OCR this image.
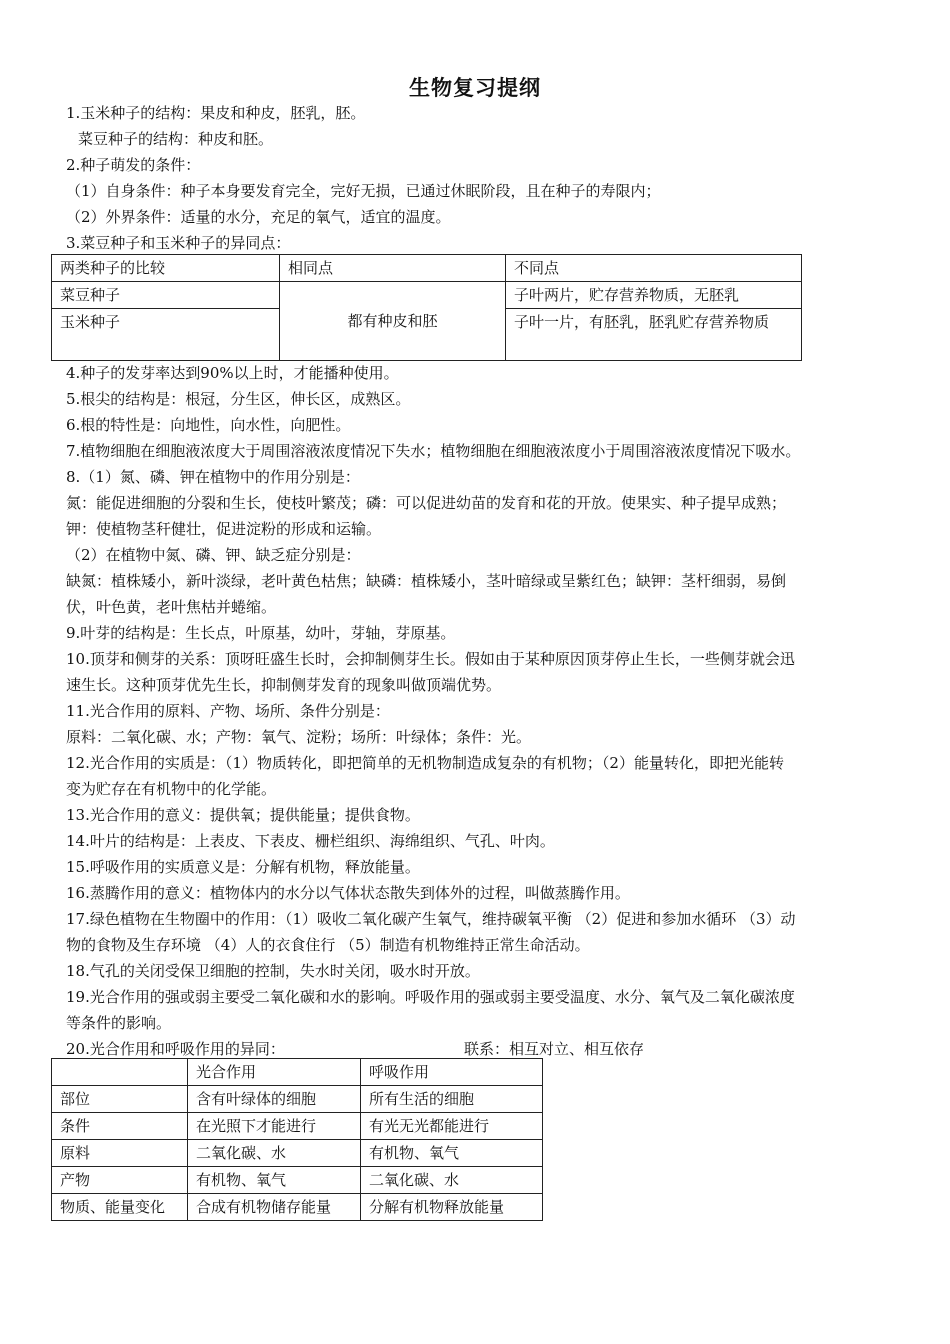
生物复习提纲
1.玉米种子的结构：果皮和种皮，胚乳，胚。
菜豆种子的结构：种皮和胚。
2.种子萌发的条件：
（1）自身条件：种子本身要发育完全，完好无损，已通过休眠阶段，且在种子的寿限内；
（2）外界条件：适量的水分，充足的氧气，适宜的温度。
3.菜豆种子和玉米种子的异同点：
两类种子的比较	相同点	不同点
菜豆种子	都有种皮和胚	子叶两片，贮存营养物质，无胚乳
玉米种子		子叶一片，有胚乳，胚乳贮存营养物质
4.种子的发芽率达到90%以上时，才能播种使用。
5.根尖的结构是：根冠，分生区，伸长区，成熟区。
6.根的特性是：向地性，向水性，向肥性。
7.植物细胞在细胞液浓度大于周围溶液浓度情况下失水；植物细胞在细胞液浓度小于周围溶液浓度情况下吸水。
8.（1）氮、磷、钾在植物中的作用分别是：
氮：能促进细胞的分裂和生长，使枝叶繁茂；磷：可以促进幼苗的发育和花的开放。使果实、种子提早成熟；
钾：使植物茎秆健壮，促进淀粉的形成和运输。
（2）在植物中氮、磷、钾、缺乏症分别是：
缺氮：植株矮小，新叶淡绿，老叶黄色枯焦；缺磷：植株矮小，茎叶暗绿或呈紫红色；缺钾：茎杆细弱，易倒
伏，叶色黄，老叶焦枯并蜷缩。
9.叶芽的结构是：生长点，叶原基，幼叶，芽轴，芽原基。
10.顶芽和侧芽的关系：顶呀旺盛生长时，会抑制侧芽生长。假如由于某种原因顶芽停止生长，一些侧芽就会迅
速生长。这种顶芽优先生长，抑制侧芽发育的现象叫做顶端优势。
11.光合作用的原料、产物、场所、条件分别是：
原料：二氧化碳、水；产物：氧气、淀粉；场所：叶绿体；条件：光。
12.光合作用的实质是：（1）物质转化，即把简单的无机物制造成复杂的有机物；（2）能量转化，即把光能转
变为贮存在有机物中的化学能。
13.光合作用的意义：提供氧；提供能量；提供食物。
14.叶片的结构是：上表皮、下表皮、栅栏组织、海绵组织、气孔、叶肉。
15.呼吸作用的实质意义是：分解有机物，释放能量。
16.蒸腾作用的意义：植物体内的水分以气体状态散失到体外的过程，叫做蒸腾作用。
17.绿色植物在生物圈中的作用：（1）吸收二氧化碳产生氧气，维持碳氧平衡 （2）促进和参加水循环 （3）动
物的食物及生存环境 （4）人的衣食住行 （5）制造有机物维持正常生命活动。
18.气孔的关闭受保卫细胞的控制，失水时关闭，吸水时开放。
19.光合作用的强或弱主要受二氧化碳和水的影响。呼吸作用的强或弱主要受温度、水分、氧气及二氧化碳浓度
等条件的影响。
20.光合作用和呼吸作用的异同：	联系：相互对立、相互依存
	光合作用	呼吸作用
部位	含有叶绿体的细胞	所有生活的细胞
条件	在光照下才能进行	有光无光都能进行
原料	二氧化碳、水	有机物、氧气
产物	有机物、氧气	二氧化碳、水
物质、能量变化	合成有机物储存能量	分解有机物释放能量
